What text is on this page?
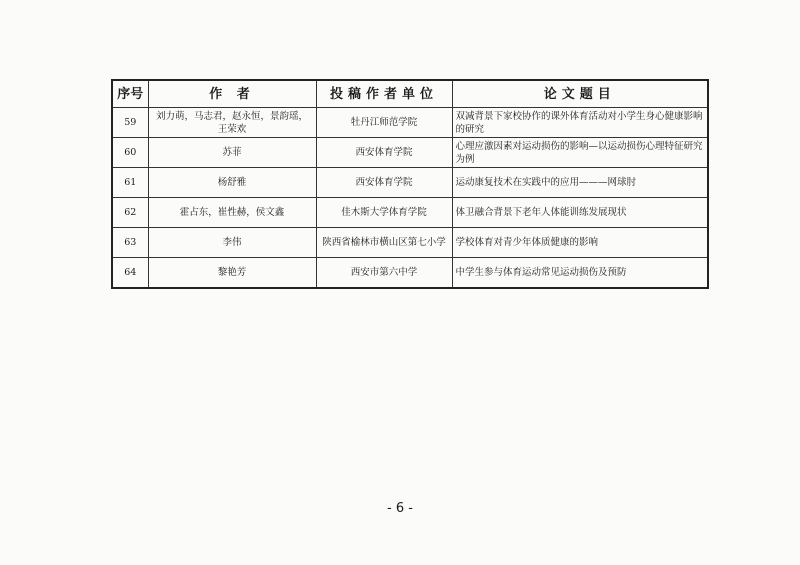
序号	作 者	投稿作者单位	论文题目
59	刘力萌，马志君，赵永恒，景韵瑶，王荣欢	牡丹江师范学院	双减背景下家校协作的课外体育活动对小学生身心健康影响的研究
60	苏菲	西安体育学院	心理应激因素对运动损伤的影响—以运动损伤心理特征研究为例
61	杨舒雅	西安体育学院	运动康复技术在实践中的应用———网球肘
62	霍占东，崔性赫，侯文鑫	佳木斯大学体育学院	体卫融合背景下老年人体能训练发展现状
63	李伟	陕西省榆林市横山区第七小学	学校体育对青少年体质健康的影响
64	黎艳芳	西安市第六中学	中学生参与体育运动常见运动损伤及预防
- 6 -
